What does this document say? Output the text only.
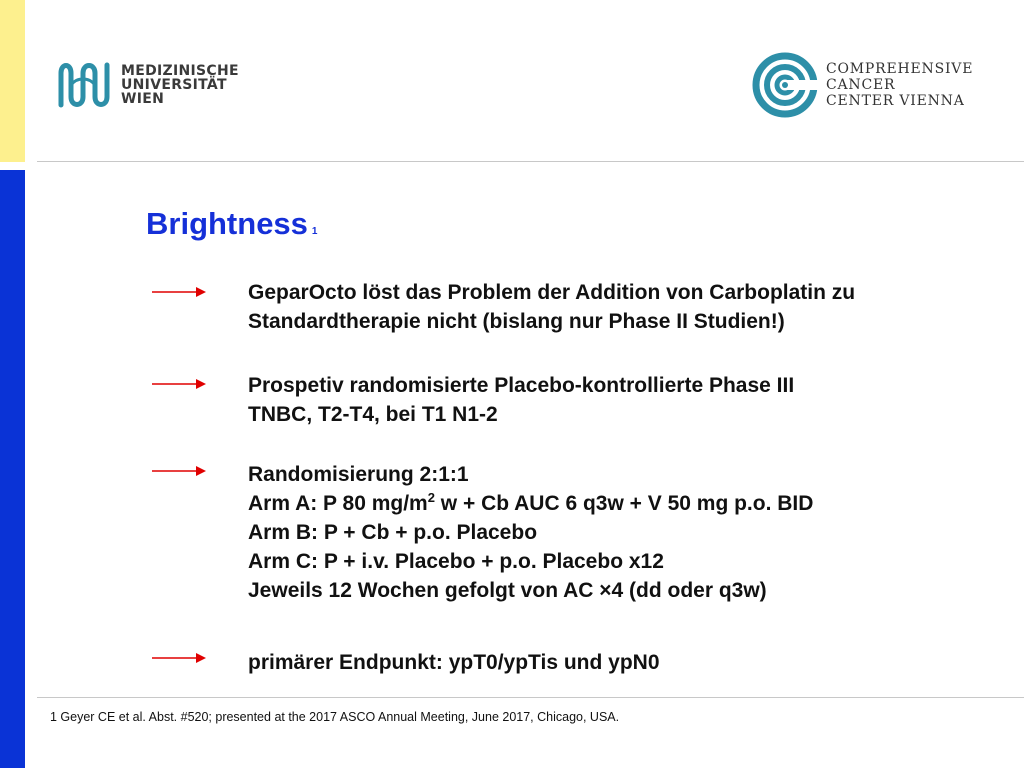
MEDIZINISCHE
UNIVERSITÄT
WIEN
COMPREHENSIVE
CANCER
CENTER VIENNA
Brightness 1
GeparOcto löst das Problem der Addition von Carboplatin zu
Standardtherapie nicht (bislang nur Phase II Studien!)
Prospetiv randomisierte Placebo-kontrollierte Phase III
TNBC, T2-T4, bei T1 N1-2
Randomisierung 2:1:1
Arm A: P 80 $mg/m^2$ w + Cb AUC 6 q3w + V 50 mg p.o. BID
Arm B: P + Cb + p.o. Placebo
Arm C: P + i.v. Placebo + p.o. Placebo x12
Jeweils 12 Wochen gefolgt von AC ×4 (dd oder q3w)
primärer Endpunkt: ypT0/ypTis und ypN0
1 Geyer CE et al. Abst. #520; presented at the 2017 ASCO Annual Meeting, June 2017, Chicago, USA.
